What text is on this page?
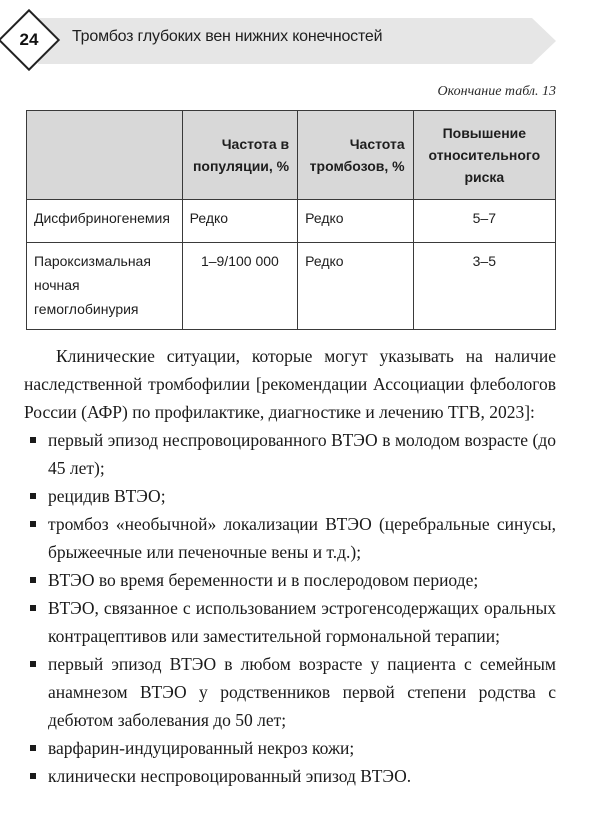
24	Тромбоз глубоких вен нижних конечностей
Окончание табл. 13
	Частота в популяции, %	Частота тромбозов, %	Повышение относительного риска
Дисфибриногенемия	Редко	Редко	5–7
Пароксизмальная ночная гемоглобинурия	1–9/100 000	Редко	3–5

Клинические ситуации, которые могут указывать на наличие наследственной тромбофилии [рекомендации Ассоциации флебологов России (АФР) по профилактике, диагностике и лечению ТГВ, 2023]:

первый эпизод неспровоцированного ВТЭО в молодом возрасте (до 45 лет);
рецидив ВТЭО;
тромбоз «необычной» локализации ВТЭО (церебральные синусы, брыжеечные или печеночные вены и т.д.);
ВТЭО во время беременности и в послеродовом периоде;
ВТЭО, связанное с использованием эстрогенсодержащих оральных контрацептивов или заместительной гормональной терапии;
первый эпизод ВТЭО в любом возрасте у пациента с семейным анамнезом ВТЭО у родственников первой степени родства с дебютом заболевания до 50 лет;
варфарин-индуцированный некроз кожи;
клинически неспровоцированный эпизод ВТЭО.
